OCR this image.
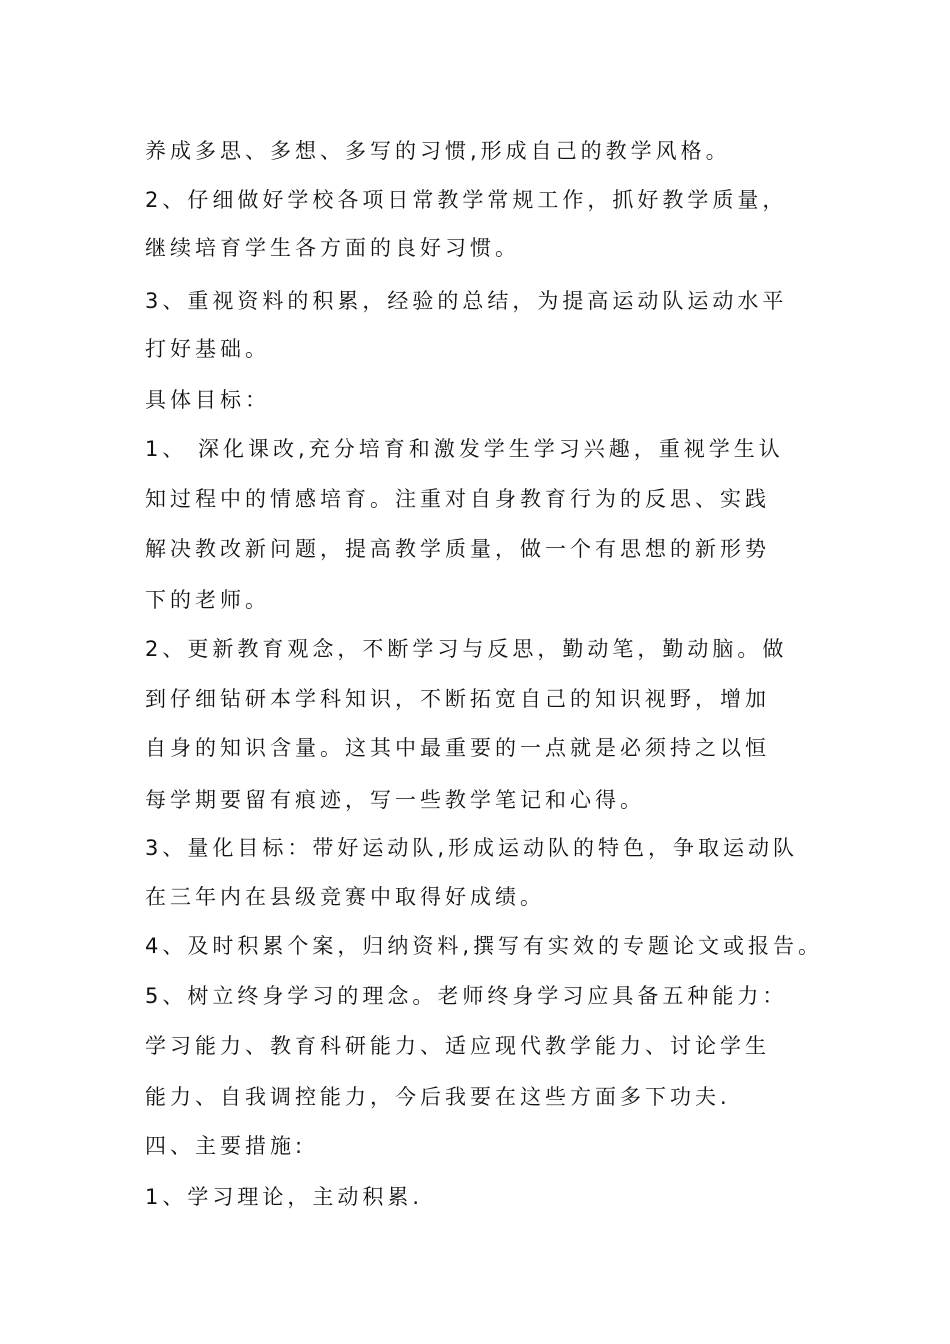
养成多思、多想、多写的习惯,形成自己的教学风格。

2、仔细做好学校各项日常教学常规工作，抓好教学质量，

继续培育学生各方面的良好习惯。

3、重视资料的积累，经验的总结，为提高运动队运动水平

打好基础。

具体目标：

1、 深化课改,充分培育和激发学生学习兴趣，重视学生认

知过程中的情感培育。注重对自身教育行为的反思、实践

解决教改新问题，提高教学质量，做一个有思想的新形势

下的老师。

2、更新教育观念，不断学习与反思，勤动笔，勤动脑。做

到仔细钻研本学科知识，不断拓宽自己的知识视野，增加

自身的知识含量。这其中最重要的一点就是必须持之以恒

每学期要留有痕迹，写一些教学笔记和心得。

3、量化目标：带好运动队,形成运动队的特色，争取运动队

在三年内在县级竞赛中取得好成绩。

4、及时积累个案，归纳资料,撰写有实效的专题论文或报告。

5、树立终身学习的理念。老师终身学习应具备五种能力：

学习能力、教育科研能力、适应现代教学能力、讨论学生

能力、自我调控能力，今后我要在这些方面多下功夫.

四、主要措施:

1、学习理论，主动积累.
